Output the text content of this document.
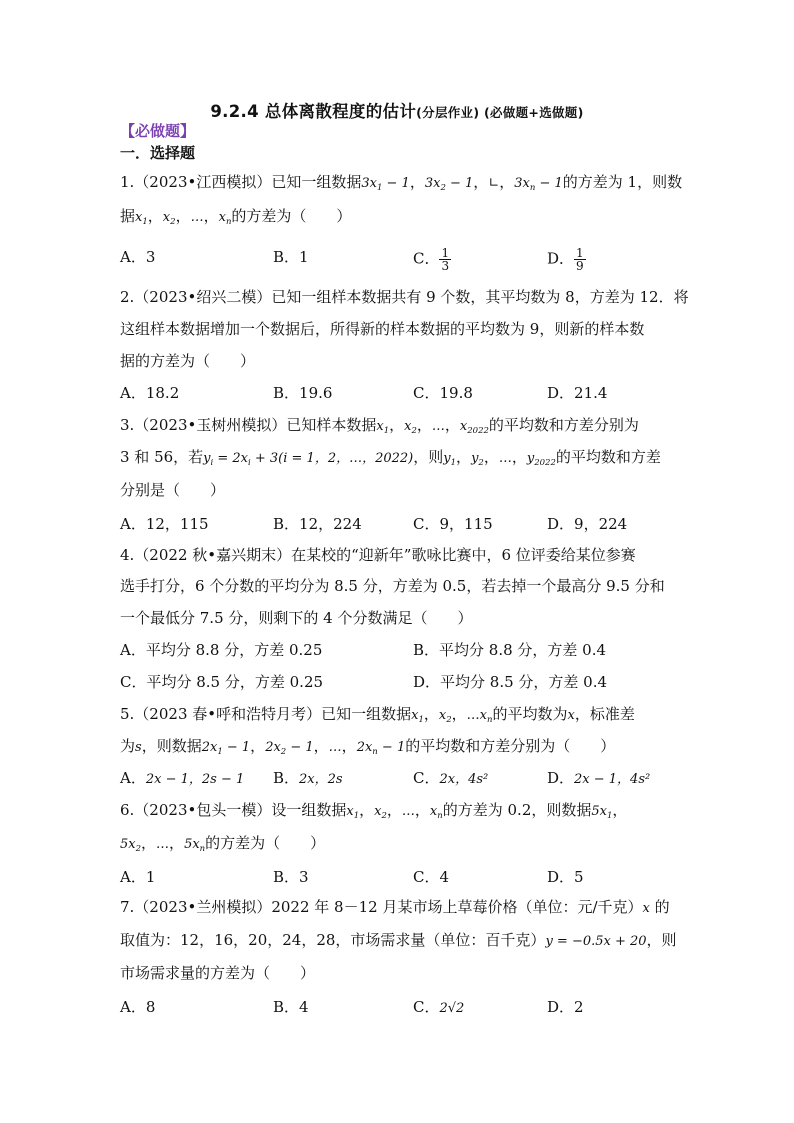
9.2.4 总体离散程度的估计(分层作业) (必做题+选做题)
【必做题】
一．选择题
1.（2023•江西模拟）已知一组数据$3x_1 - 1$，$3x_2 - 1$，∟，$3x_n - 1$的方差为 1，则数
据$x_1$，$x_2$，…，$x_n$的方差为（　　）
A．3	B．1	C． $\frac{1}{3}$	D． $\frac{1}{9}$
2.（2023•绍兴二模）已知一组样本数据共有 9 个数，其平均数为 8，方差为 12．将
这组样本数据增加一个数据后，所得新的样本数据的平均数为 9，则新的样本数
据的方差为（　　）
A．18.2	B．19.6	C．19.8	D．21.4
3.（2023•玉树州模拟）已知样本数据$x_1$，$x_2$，…，$x_{2022}$的平均数和方差分别为
3 和 56，若$y_i = 2x_i + 3(i = 1$，2，…，2022)，则$y_1$，$y_2$，…，$y_{2022}$的平均数和方差
分别是（　　）
A．12，115	B．12，224	C．9，115	D．9，224
4.（2022 秋•嘉兴期末）在某校的“迎新年”歌咏比赛中，6 位评委给某位参赛
选手打分，6 个分数的平均分为 8.5 分，方差为 0.5，若去掉一个最高分 9.5 分和
一个最低分 7.5 分，则剩下的 4 个分数满足（　　）
A．平均分 8.8 分，方差 0.25	B．平均分 8.8 分，方差 0.4
C．平均分 8.5 分，方差 0.25	D．平均分 8.5 分，方差 0.4
5.（2023 春•呼和浩特月考）已知一组数据$x_1$，$x_2$，$\dots x_n$的平均数为x，标准差
为s，则数据$2x_1 - 1$，$2x_2 - 1$，…，$2x_n - 1$的平均数和方差分别为（　　）
A．2x − 1，2s − 1 B．2x，2s	C．2x，4s²	D．2x − 1，4s²
6.（2023•包头一模）设一组数据$x_1$，$x_2$，…，$x_n$的方差为 0.2，则数据$5x_1$，
$5x_2$，…，$5x_n$的方差为（　　）
A．1	B．3	C．4	D．5
7.（2023•兰州模拟）2022 年 8－12 月某市场上草莓价格（单位：元/千克）x 的
取值为：12，16，20，24，28，市场需求量（单位：百千克）y = −0.5x + 20，则
市场需求量的方差为（　　）
A．8	B．4	C．2√2	D．2
